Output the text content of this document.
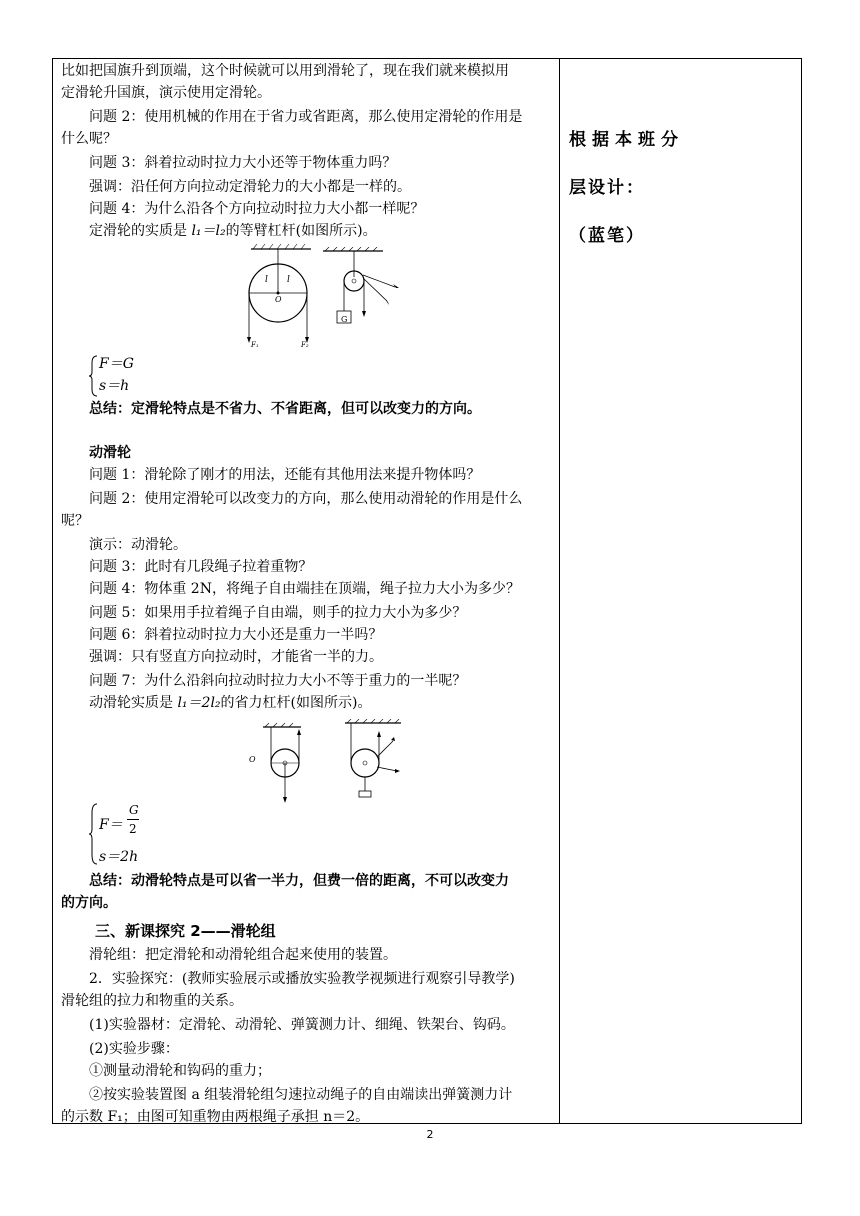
比如把国旗升到顶端，这个时候就可以用到滑轮了，现在我们就来模拟用
定滑轮升国旗，演示使用定滑轮。
问题 2：使用机械的作用在于省力或省距离，那么使用定滑轮的作用是
什么呢？
问题 3：斜着拉动时拉力大小还等于物体重力吗？
强调：沿任何方向拉动定滑轮力的大小都是一样的。
问题 4：为什么沿各个方向拉动时拉力大小都一样呢？
定滑轮的实质是 l₁＝l₂的等臂杠杆(如图所示)。
l l
O
F₁	F₂
G
F＝G
s＝h
总结：定滑轮特点是不省力、不省距离，但可以改变力的方向。
动滑轮
问题 1：滑轮除了刚才的用法，还能有其他用法来提升物体吗？
问题 2：使用定滑轮可以改变力的方向，那么使用动滑轮的作用是什么
呢？
演示：动滑轮。
问题 3：此时有几段绳子拉着重物？
问题 4：物体重 2N，将绳子自由端挂在顶端，绳子拉力大小为多少？
问题 5：如果用手拉着绳子自由端，则手的拉力大小为多少？
问题 6：斜着拉动时拉力大小还是重力一半吗？
强调：只有竖直方向拉动时，才能省一半的力。
问题 7：为什么沿斜向拉动时拉力大小不等于重力的一半呢？
动滑轮实质是 l₁＝2l₂的省力杠杆(如图所示)。
O
F＝
G
2
s＝2h
总结：动滑轮特点是可以省一半力，但费一倍的距离，不可以改变力
的方向。
三、新课探究 2——滑轮组
滑轮组：把定滑轮和动滑轮组合起来使用的装置。
2．实验探究：(教师实验展示或播放实验教学视频进行观察引导教学)
滑轮组的拉力和物重的关系。
(1)实验器材：定滑轮、动滑轮、弹簧测力计、细绳、铁架台、钩码。
(2)实验步骤：
①测量动滑轮和钩码的重力；
②按实验装置图 a 组装滑轮组匀速拉动绳子的自由端读出弹簧测力计
的示数 F₁；由图可知重物由两根绳子承担 n＝2。
根据本班分
层设计：
（蓝笔）
2
